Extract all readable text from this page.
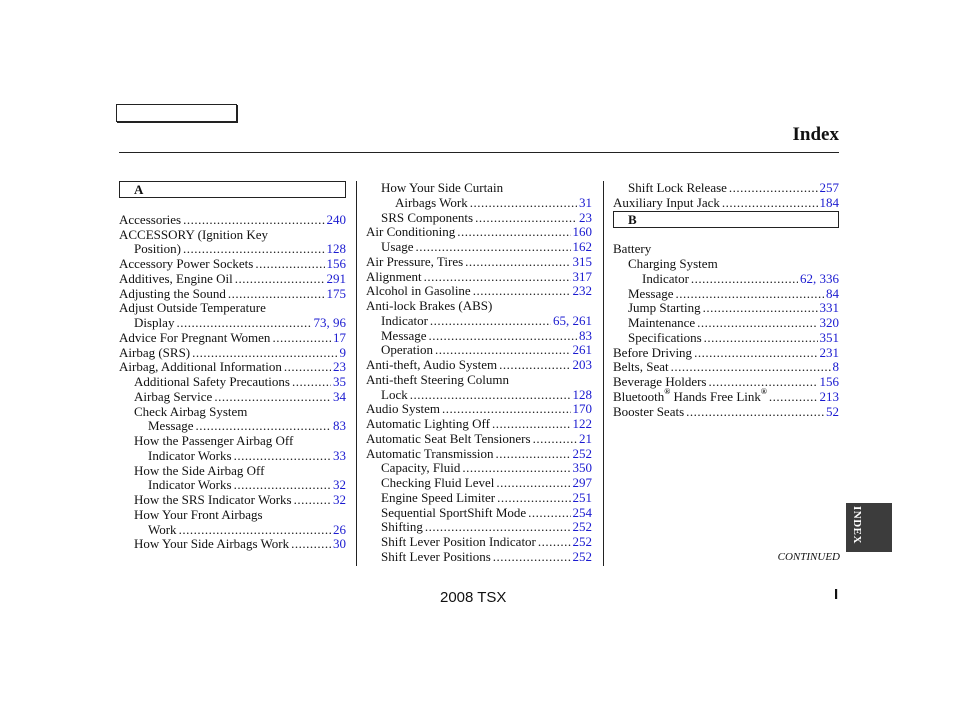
Index
A
Accessories .....	240
ACCESSORY (Ignition Key
Position) .....	128
Accessory Power Sockets .....	156
Additives, Engine Oil .....	291
Adjusting the Sound .....	175
Adjust Outside Temperature
Display .....	73, 96
Advice For Pregnant Women .....	17
Airbag (SRS) .....	9
Airbag, Additional Information .....	23
Additional Safety Precautions .....	35
Airbag Service .....	34
Check Airbag System
Message .....	83
How the Passenger Airbag Off
Indicator Works .....	33
How the Side Airbag Off
Indicator Works .....	32
How the SRS Indicator Works .....	32
How Your Front Airbags
Work .....	26
How Your Side Airbags Work .....	30
How Your Side Curtain
Airbags Work .....	31
SRS Components .....	23
Air Conditioning .....	160
Usage .....	162
Air Pressure, Tires .....	315
Alignment .....	317
Alcohol in Gasoline .....	232
Anti-lock Brakes (ABS)
Indicator .....	65, 261
Message .....	83
Operation .....	261
Anti-theft, Audio System .....	203
Anti-theft Steering Column
Lock .....	128
Audio System .....	170
Automatic Lighting Off .....	122
Automatic Seat Belt Tensioners .....	21
Automatic Transmission .....	252
Capacity, Fluid .....	350
Checking Fluid Level .....	297
Engine Speed Limiter .....	251
Sequential SportShift Mode .....	254
Shifting .....	252
Shift Lever Position Indicator .....	252
Shift Lever Positions .....	252
Shift Lock Release .....	257
Auxiliary Input Jack .....	184
B
Battery
Charging System
Indicator .....	62, 336
Message .....	84
Jump Starting .....	331
Maintenance .....	320
Specifications .....	351
Before Driving .....	231
Belts, Seat .....	8
Beverage Holders .....	156
Bluetooth® Hands Free Link® .....	213
Booster Seats .....	52
INDEX
CONTINUED
2008 TSX	I
